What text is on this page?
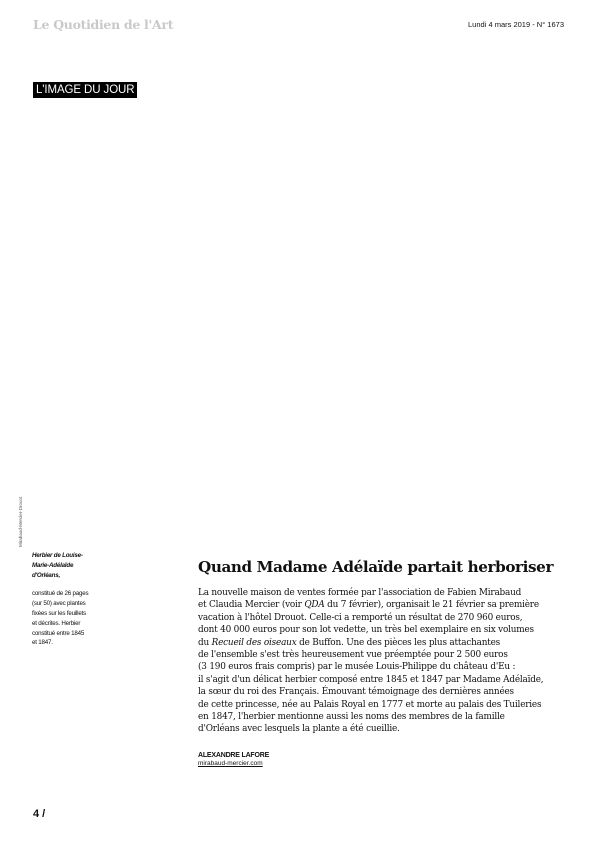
Le Quotidien de l'Art	Lundi 4 mars 2019 - N° 1673
L'IMAGE DU JOUR
Mirabaud-Mercier-Drouot

Herbier de Louise-
Marie-Adélaïde
d'Orléans,

constitué de 26 pages
(sur 50) avec plantes
fixées sur les feuillets
et décrites. Herbier
constitué entre 1845
et 1847.

Quand Madame Adélaïde partait herboriser
La nouvelle maison de ventes formée par l'association de Fabien Mirabaud
et Claudia Mercier (voir QDA du 7 février), organisait le 21 février sa première
vacation à l'hôtel Drouot. Celle-ci a remporté un résultat de 270 960 euros,
dont 40 000 euros pour son lot vedette, un très bel exemplaire en six volumes
du Recueil des oiseaux de Buffon. Une des pièces les plus attachantes
de l'ensemble s'est très heureusement vue préemptée pour 2 500 euros
(3 190 euros frais compris) par le musée Louis-Philippe du château d'Eu :
il s'agit d'un délicat herbier composé entre 1845 et 1847 par Madame Adélaïde,
la sœur du roi des Français. Émouvant témoignage des dernières années
de cette princesse, née au Palais Royal en 1777 et morte au palais des Tuileries
en 1847, l'herbier mentionne aussi les noms des membres de la famille
d'Orléans avec lesquels la plante a été cueillie.
ALEXANDRE LAFORE
mirabaud-mercier.com
4 /
